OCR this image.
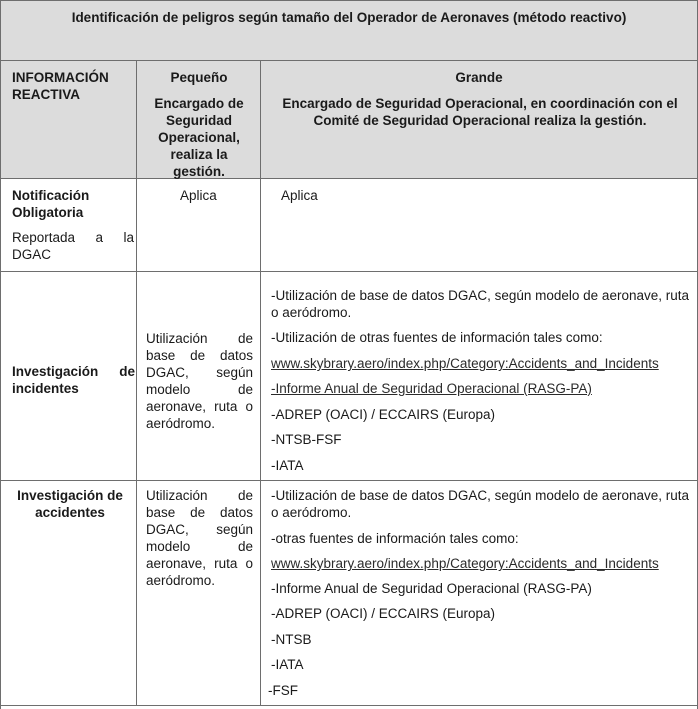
Identificación de peligros según tamaño del Operador de Aeronaves (método reactivo)
INFORMACIÓN REACTIVA
Pequeño
Encargado de Seguridad Operacional, realiza la gestión.
Grande
Encargado de Seguridad Operacional, en coordinación con el Comité de Seguridad Operacional realiza la gestión.
Notificación Obligatoria
Reportada a la DGAC
Aplica	Aplica
Investigación de incidentes
Utilización de base de datos DGAC, según modelo de aeronave, ruta o aeródromo.
-Utilización de base de datos DGAC, según modelo de aeronave, ruta o aeródromo.
-Utilización de otras fuentes de información tales como:
www.skybrary.aero/index.php/Category:Accidents_and_Incidents
-Informe Anual de Seguridad Operacional (RASG-PA)
-ADREP (OACI) / ECCAIRS (Europa)
-NTSB-FSF
-IATA
Investigación de accidentes
Utilización de base de datos DGAC, según modelo de aeronave, ruta o aeródromo.
-Utilización de base de datos DGAC, según modelo de aeronave, ruta o aeródromo.
-otras fuentes de información tales como:
www.skybrary.aero/index.php/Category:Accidents_and_Incidents
-Informe Anual de Seguridad Operacional (RASG-PA)
-ADREP (OACI) / ECCAIRS (Europa)
-NTSB
-IATA
-FSF
